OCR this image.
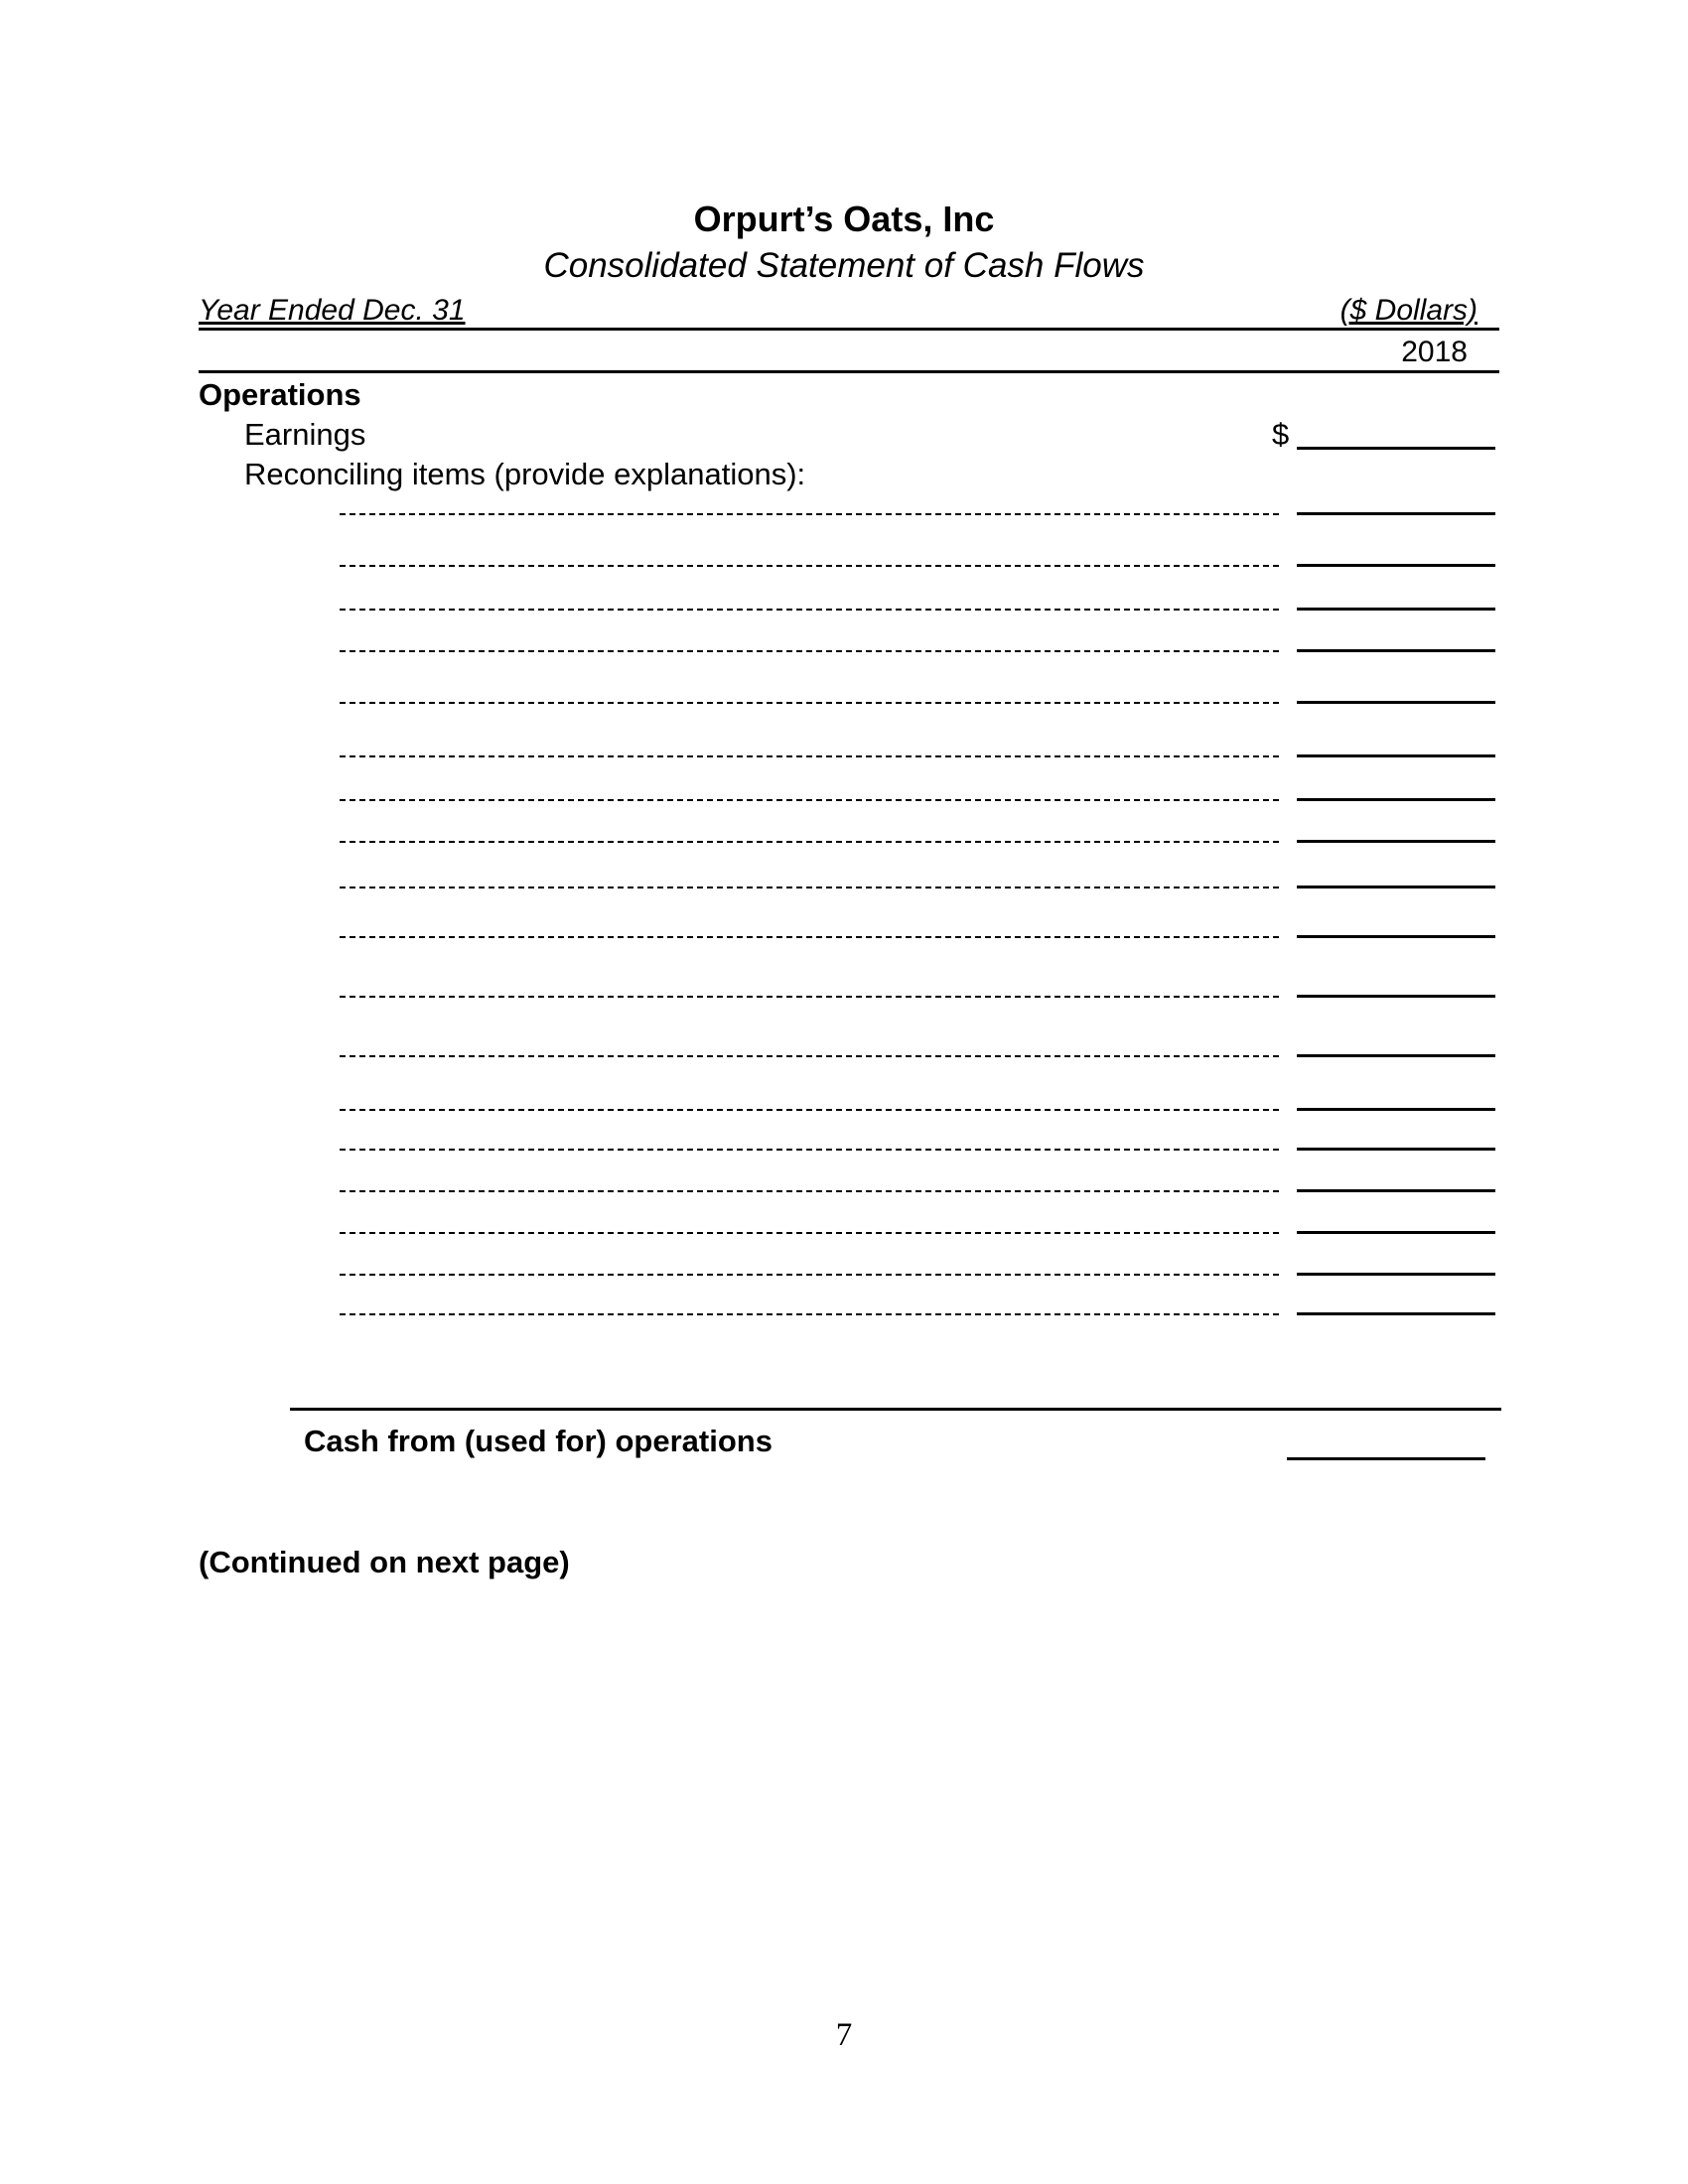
Orpurt’s Oats, Inc
Consolidated Statement of Cash Flows
Year Ended Dec. 31	($ Dollars)
2018
Operations
Earnings	$
Reconciling items (provide explanations):
Cash from (used for) operations
(Continued on next page)
7
